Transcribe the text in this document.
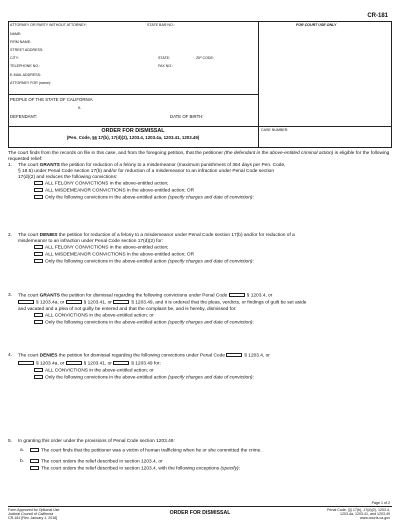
CR-181
ATTORNEY OR PARTY WITHOUT ATTORNEY:	STATE BAR NO.:	FOR COURT USE ONLY
NAME:
FIRM NAME:
STREET ADDRESS:
CITY:	STATE:	ZIP CODE:
TELEPHONE NO.:	FAX NO.:
E-MAIL ADDRESS:
ATTORNEY FOR (name):
PEOPLE OF THE STATE OF CALIFORNIA
v.
DEFENDANT:	DATE OF BIRTH:
ORDER FOR DISMISSAL
(Pen. Code, §§ 17(b), 17(d)(2), 1203.4, 1203.4a, 1203.41, 1203.49)
CASE NUMBER:
The court finds from the records on file in this case, and from the foregoing petition, that the petitioner (the defendant in the above-entitled criminal action) is eligible for the following requested relief:
1. The court GRANTS the petition for reduction of a felony to a misdemeanor (maximum punishment of 364 days per Pen. Code,
§ 18.5) under Penal Code section 17(b) and/or for reduction of a misdemeanor to an infraction under Penal Code section
17(d)(2) and reduces the following convictions:
ALL FELONY CONVICTIONS in the above-entitled action;
ALL MISDEMEANOR CONVICTIONS in the above-entitled action; OR
Only the following convictions in the above-entitled action (specify charges and date of conviction):
2. The court DENIES the petition for reduction of a felony to a misdemeanor under Penal Code section 17(b) and/or for reduction of a
misdemeanor to an infraction under Penal Code section 17(d)(2) for:
ALL FELONY CONVICTIONS in the above-entitled action;
ALL MISDEMEANOR CONVICTIONS in the above-entitled action; OR
Only the following convictions in the above-entitled action (specify charges and date of conviction):
3. The court GRANTS the petition for dismissal regarding the following convictions under Penal Code	§ 1203.4, or
§ 1203.4a, or	§ 1203.41, or	§ 1203.49, and it is ordered that the pleas, verdicts, or findings of guilt be set aside
and vacated and a plea of not guilty be entered and that the complaint be, and is hereby, dismissed for:
ALL CONVICTIONS in the above-entitled action; or
Only the following convictions in the above-entitled action (specify charges and date of conviction):
4. The court DENIES the petition for dismissal regarding the following convictions under Penal Code	§ 1203.4, or
§ 1203.4a, or	§ 1203.41, or	§ 1203.49 for:
ALL CONVICTIONS in the above-entitled action; or
Only the following convictions in the above-entitled action (specify charges and date of conviction):
5. In granting this order under the provisions of Penal Code section 1203.49:
a.	The court finds that the petitioner was a victim of human trafficking when he or she committed the crime.
b.	The court orders the relief described in section 1203.4, or
The court orders the relief described in section 1203.4, with the following exceptions (specify):
Page 1 of 2
Form Approved for Optional Use
Judicial Council of California
CR-181 [Rev. January 1, 2016]
ORDER FOR DISMISSAL	Penal Code, §§ 17(b), 17(d)(2), 1203.4,
1203.4a, 1203.41, and 1203.49
www.courts.ca.gov
